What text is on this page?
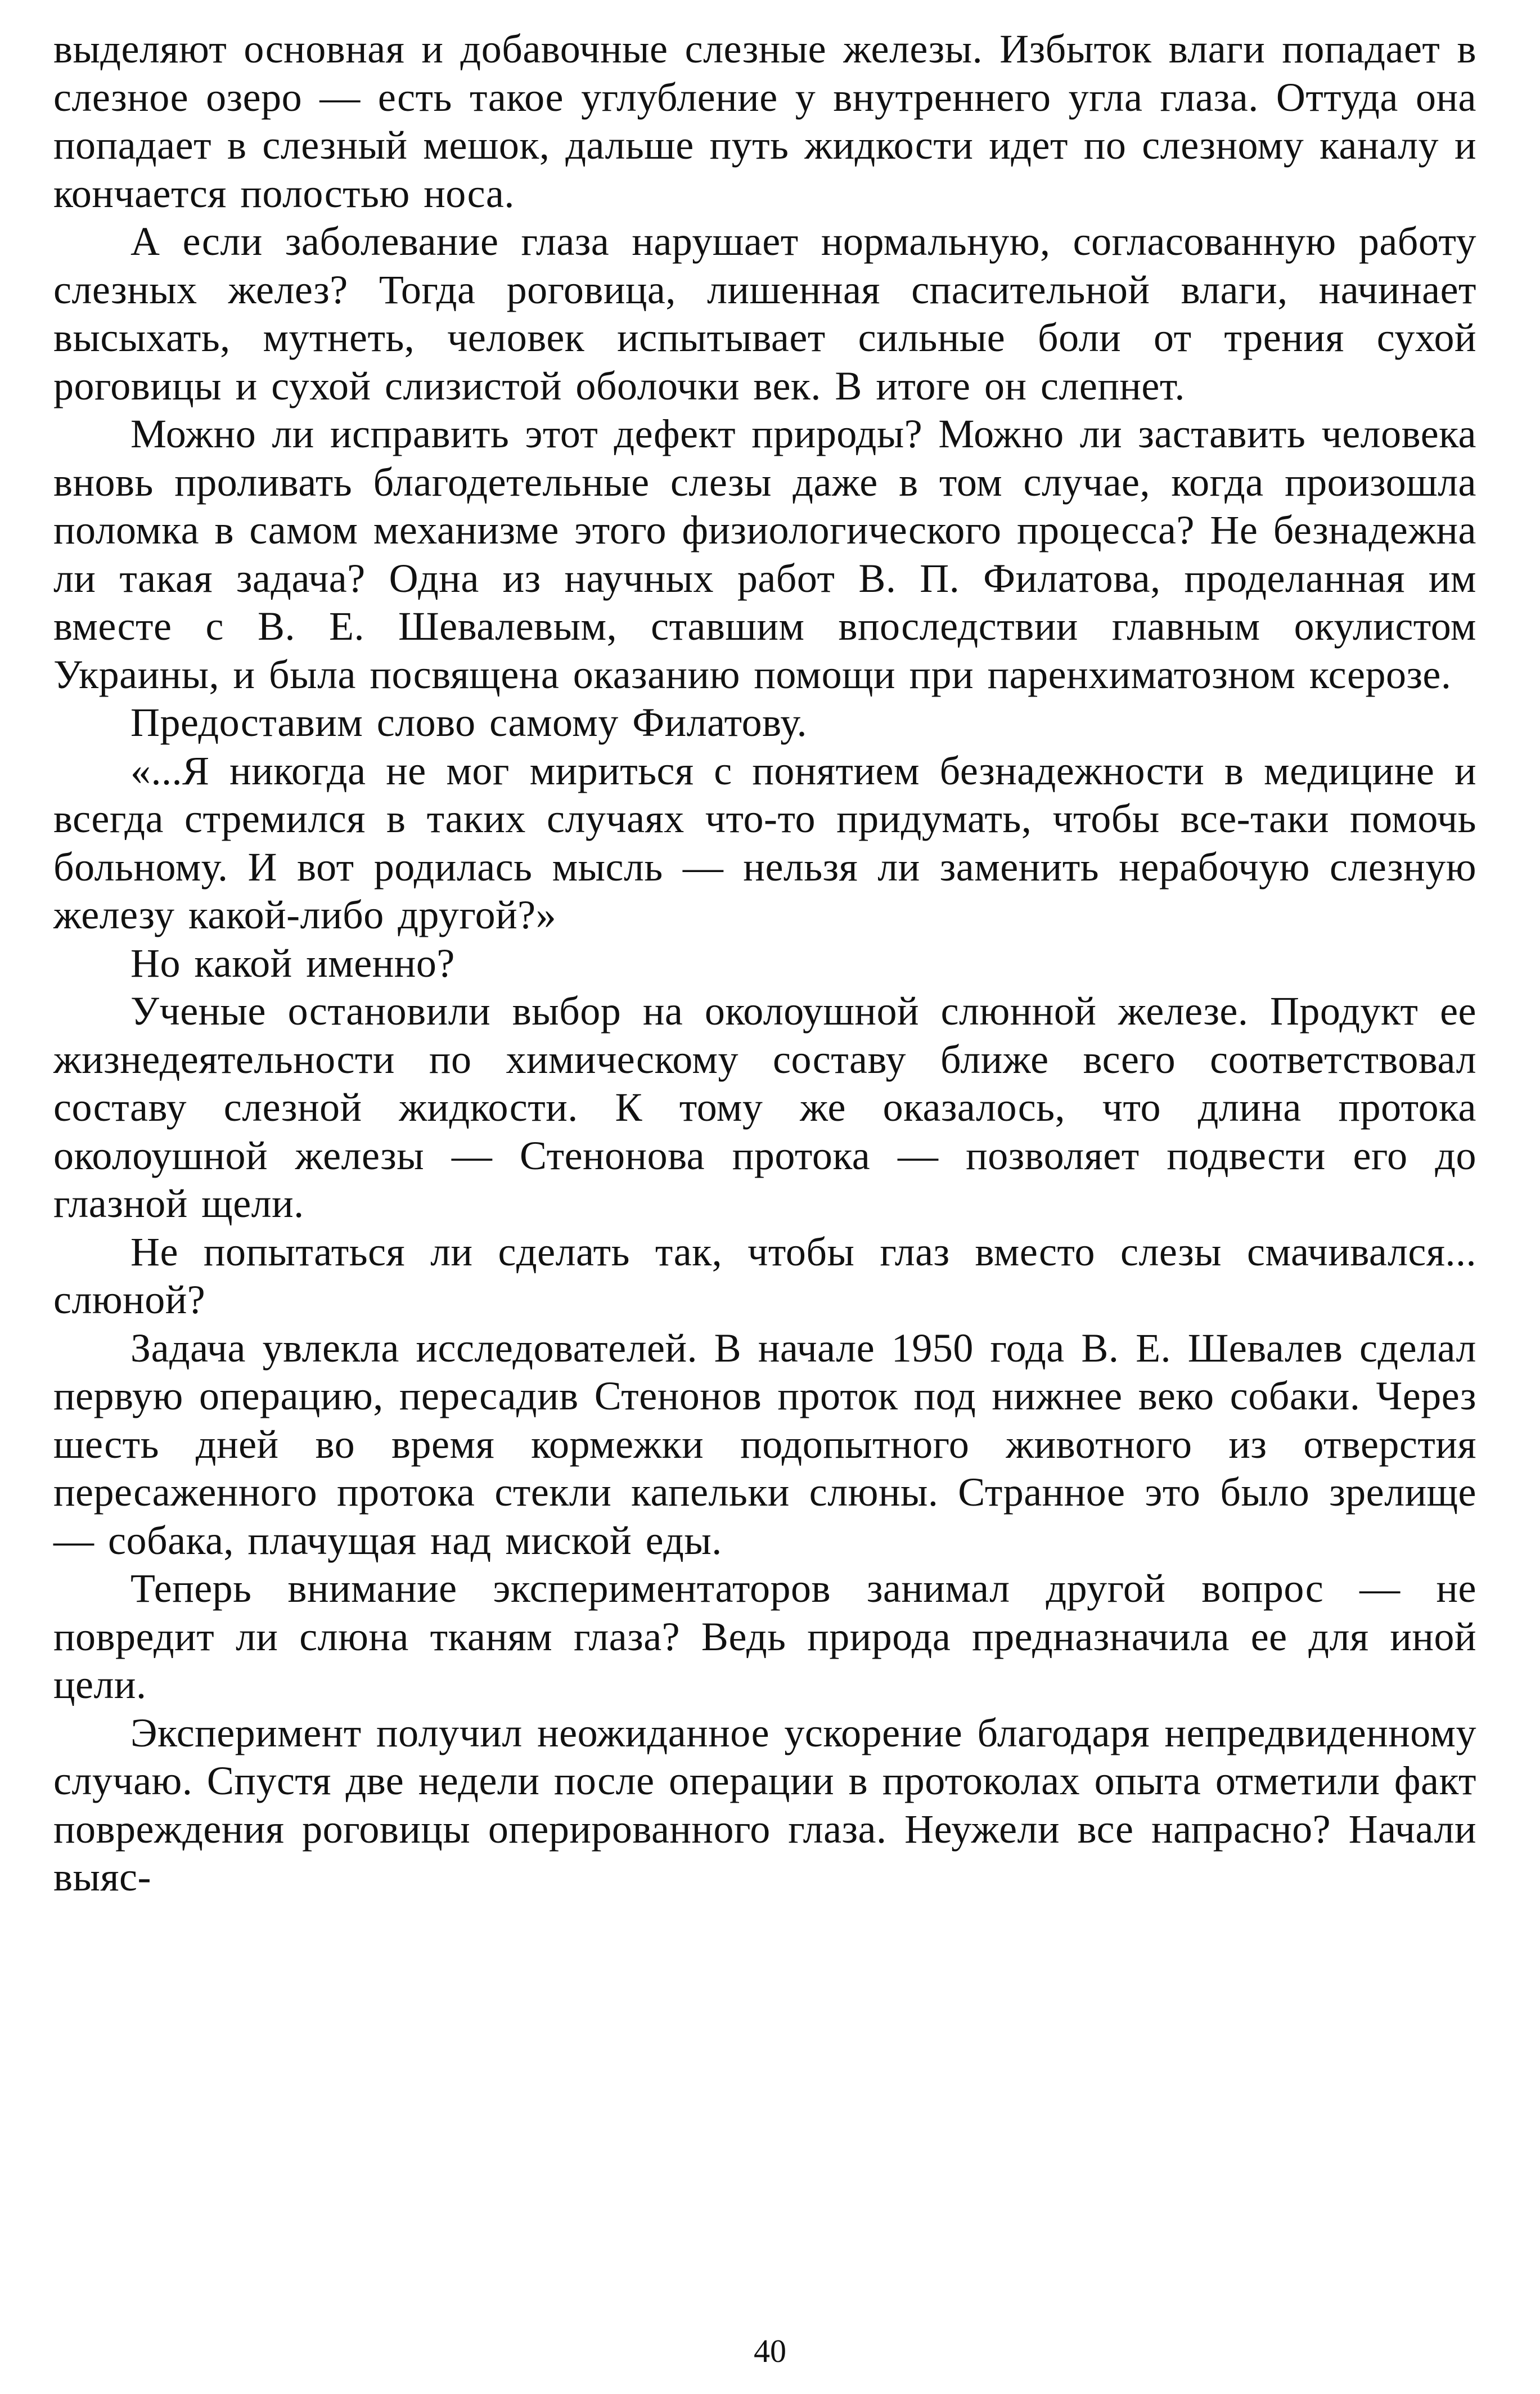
выделяют основная и добавочные слезные железы. Избыток влаги попадает в слезное озеро — есть такое углубление у внутреннего угла глаза. Оттуда она попадает в слезный мешок, дальше путь жидкости идет по слезному каналу и кончается полостью носа.

А если заболевание глаза нарушает нормальную, согласованную работу слезных желез? Тогда роговица, лишенная спасительной влаги, начинает высыхать, мутнеть, человек испытывает сильные боли от трения сухой роговицы и сухой слизистой оболочки век. В итоге он слепнет.

Можно ли исправить этот дефект природы? Можно ли заставить человека вновь проливать благодетельные слезы даже в том случае, когда произошла поломка в самом механизме этого физиологического процесса? Не безнадежна ли такая задача? Одна из научных работ В. П. Филатова, проделанная им вместе с В. Е. Шевалевым, ставшим впоследствии главным окулистом Украины, и была посвящена оказанию помощи при паренхиматозном ксерозе.

Предоставим слово самому Филатову.

«...Я никогда не мог мириться с понятием безнадежности в медицине и всегда стремился в таких случаях что-то придумать, чтобы все-таки помочь больному. И вот родилась мысль — нельзя ли заменить нерабочую слезную железу какой-либо другой?»

Но какой именно?

Ученые остановили выбор на околоушной слюнной железе. Продукт ее жизнедеятельности по химическому составу ближе всего соответствовал составу слезной жидкости. К тому же оказалось, что длина протока околоушной железы — Стенонова протока — позволяет подвести его до глазной щели.

Не попытаться ли сделать так, чтобы глаз вместо слезы смачивался... слюной?

Задача увлекла исследователей. В начале 1950 года В. Е. Шевалев сделал первую операцию, пересадив Стенонов проток под нижнее веко собаки. Через шесть дней во время кормежки подопытного животного из отверстия пересаженного протока стекли капельки слюны. Странное это было зрелище — собака, плачущая над миской еды.

Теперь внимание экспериментаторов занимал другой вопрос — не повредит ли слюна тканям глаза? Ведь природа предназначила ее для иной цели.

Эксперимент получил неожиданное ускорение благодаря непредвиденному случаю. Спустя две недели после операции в протоколах опыта отметили факт повреждения роговицы оперированного глаза. Неужели все напрасно? Начали выяс-

40
